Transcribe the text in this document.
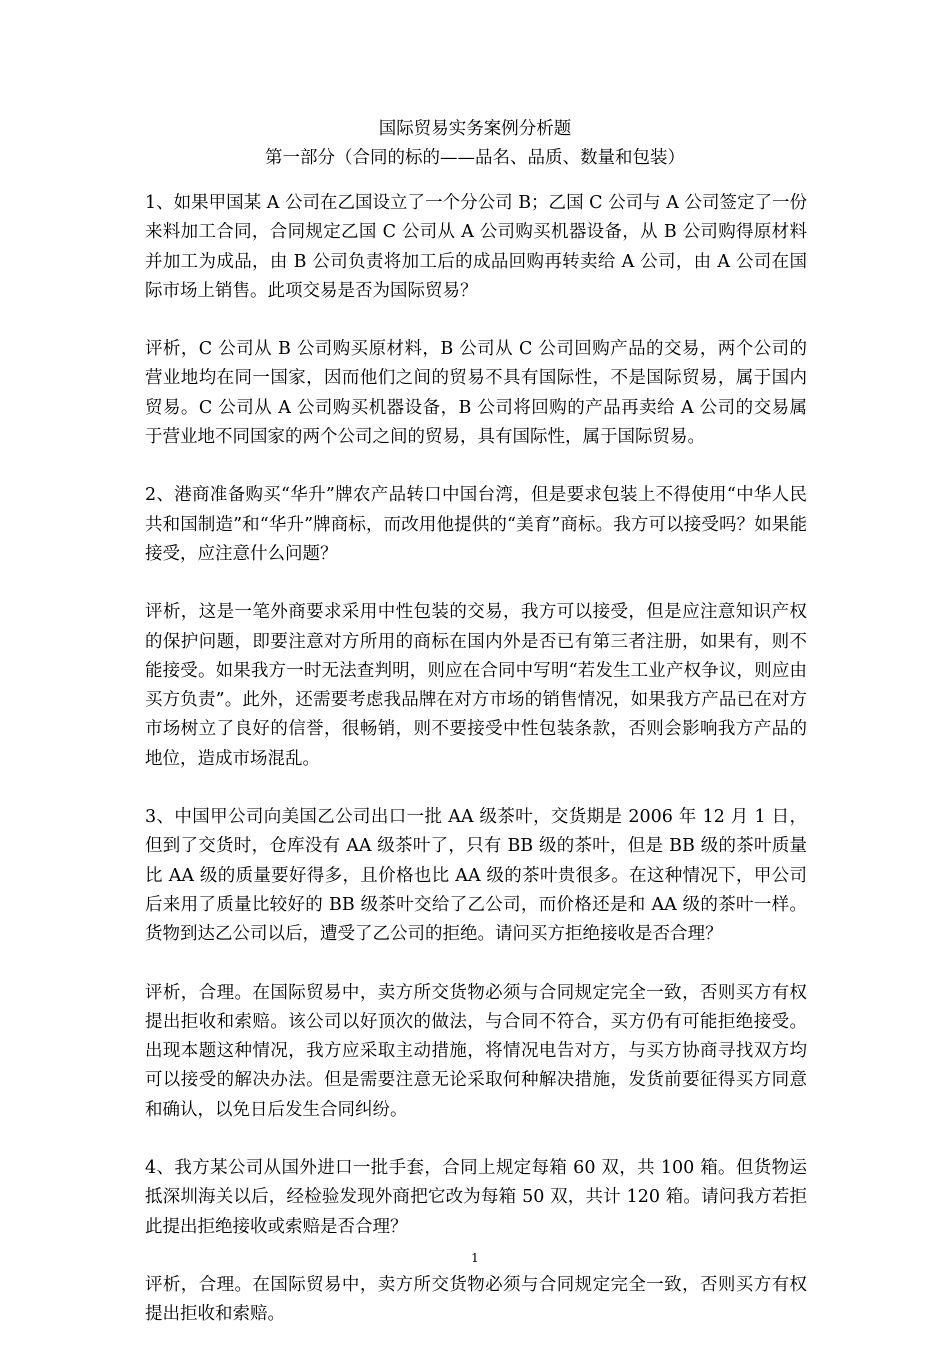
国际贸易实务案例分析题
第一部分（合同的标的——品名、品质、数量和包装）

1、如果甲国某 A 公司在乙国设立了一个分公司 B；乙国 C 公司与 A 公司签定了一份来料加工合同，合同规定乙国 C 公司从 A 公司购买机器设备，从 B 公司购得原材料并加工为成品，由 B 公司负责将加工后的成品回购再转卖给 A 公司，由 A 公司在国际市场上销售。此项交易是否为国际贸易？

评析，C 公司从 B 公司购买原材料，B 公司从 C 公司回购产品的交易，两个公司的营业地均在同一国家，因而他们之间的贸易不具有国际性，不是国际贸易，属于国内贸易。C 公司从 A 公司购买机器设备，B 公司将回购的产品再卖给 A 公司的交易属于营业地不同国家的两个公司之间的贸易，具有国际性，属于国际贸易。

2、港商准备购买“华升”牌农产品转口中国台湾，但是要求包装上不得使用“中华人民共和国制造”和“华升”牌商标，而改用他提供的“美育”商标。我方可以接受吗？如果能接受，应注意什么问题？

评析，这是一笔外商要求采用中性包装的交易，我方可以接受，但是应注意知识产权的保护问题，即要注意对方所用的商标在国内外是否已有第三者注册，如果有，则不能接受。如果我方一时无法查判明，则应在合同中写明“若发生工业产权争议，则应由买方负责”。此外，还需要考虑我品牌在对方市场的销售情况，如果我方产品已在对方市场树立了良好的信誉，很畅销，则不要接受中性包装条款，否则会影响我方产品的地位，造成市场混乱。

3、中国甲公司向美国乙公司出口一批 AA 级茶叶，交货期是 2006 年 12 月 1 日，但到了交货时，仓库没有 AA 级茶叶了，只有 BB 级的茶叶，但是 BB 级的茶叶质量比 AA 级的质量要好得多，且价格也比 AA 级的茶叶贵很多。在这种情况下，甲公司后来用了质量比较好的 BB 级茶叶交给了乙公司，而价格还是和 AA 级的茶叶一样。货物到达乙公司以后，遭受了乙公司的拒绝。请问买方拒绝接收是否合理？

评析，合理。在国际贸易中，卖方所交货物必须与合同规定完全一致，否则买方有权提出拒收和索赔。该公司以好顶次的做法，与合同不符合，买方仍有可能拒绝接受。出现本题这种情况，我方应采取主动措施，将情况电告对方，与买方协商寻找双方均可以接受的解决办法。但是需要注意无论采取何种解决措施，发货前要征得买方同意和确认，以免日后发生合同纠纷。

4、我方某公司从国外进口一批手套，合同上规定每箱 60 双，共 100 箱。但货物运抵深圳海关以后，经检验发现外商把它改为每箱 50 双，共计 120 箱。请问我方若拒此提出拒绝接收或索赔是否合理？

评析，合理。在国际贸易中，卖方所交货物必须与合同规定完全一致，否则买方有权提出拒收和索赔。

1
